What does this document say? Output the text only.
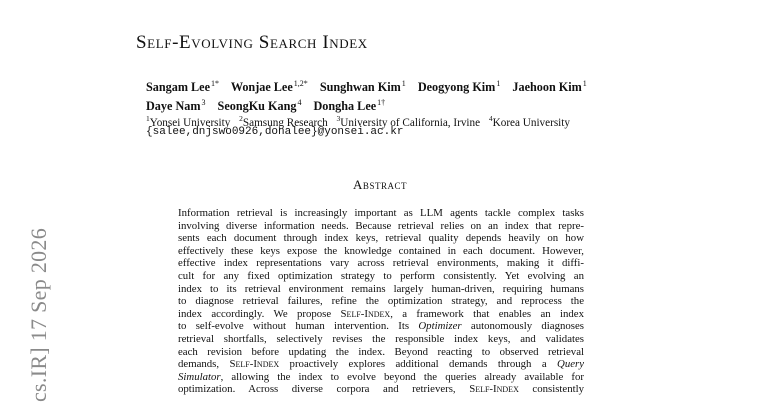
cs.IR] 17 Sep 2026
Self-Evolving Search Index
Sangam Lee$^{1*}$ Wonjae Lee$^{1,2*}$ Sunghwan Kim$^1$ Deogyong Kim$^1$ Jaehoon Kim$^1$
Daye Nam$^3$ SeongKu Kang$^4$ Dongha Lee$^{1\dagger}$
$^1$Yonsei University $^2$Samsung Research $^3$University of California, Irvine $^4$Korea University
{salee,dnjswo0926,donalee}@yonsei.ac.kr
Abstract
Information retrieval is increasingly important as LLM agents tackle complex tasks
involving diverse information needs. Because retrieval relies on an index that repre-
sents each document through index keys, retrieval quality depends heavily on how
effectively these keys expose the knowledge contained in each document. However,
effective index representations vary across retrieval environments, making it diffi-
cult for any fixed optimization strategy to perform consistently. Yet evolving an
index to its retrieval environment remains largely human-driven, requiring humans
to diagnose retrieval failures, refine the optimization strategy, and reprocess the
index accordingly. We propose Self-Index, a framework that enables an index
to self-evolve without human intervention. Its Optimizer autonomously diagnoses
retrieval shortfalls, selectively revises the responsible index keys, and validates
each revision before updating the index. Beyond reacting to observed retrieval
demands, Self-Index proactively explores additional demands through a Query
Simulator, allowing the index to evolve beyond the queries already available for
optimization. Across diverse corpora and retrievers, Self-Index consistently
